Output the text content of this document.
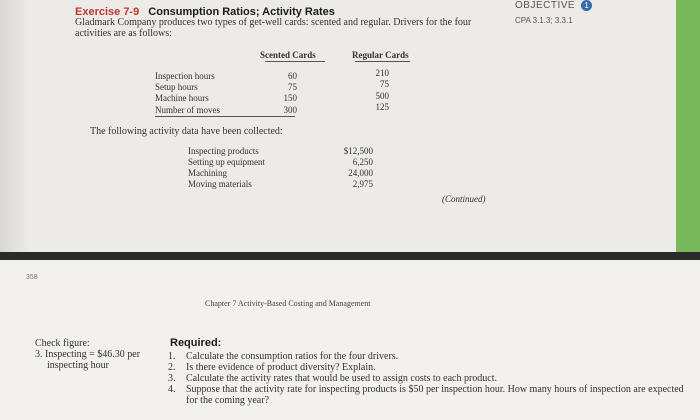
Exercise 7-9 Consumption Ratios; Activity Rates
OBJECTIVE 1
CPA 3.1.3; 3.3.1
Gladmark Company produces two types of get-well cards: scented and regular. Drivers for the four activities are as follows:
Scented Cards	Regular Cards
Inspection hours	60	210
Setup hours	75	75
Machine hours	150	500
Number of moves	300	125
The following activity data have been collected:
Inspecting products	$12,500
Setting up equipment	6,250
Machining	24,000
Moving materials	2,975
(Continued)
358
Chapter 7 Activity-Based Costing and Management
Check figure:
3. Inspecting = $46.30 per
inspecting hour
Required:
1. Calculate the consumption ratios for the four drivers.
2. Is there evidence of product diversity? Explain.
3. Calculate the activity rates that would be used to assign costs to each product.
4. Suppose that the activity rate for inspecting products is $50 per inspection hour. How many hours of inspection are expected for the coming year?
